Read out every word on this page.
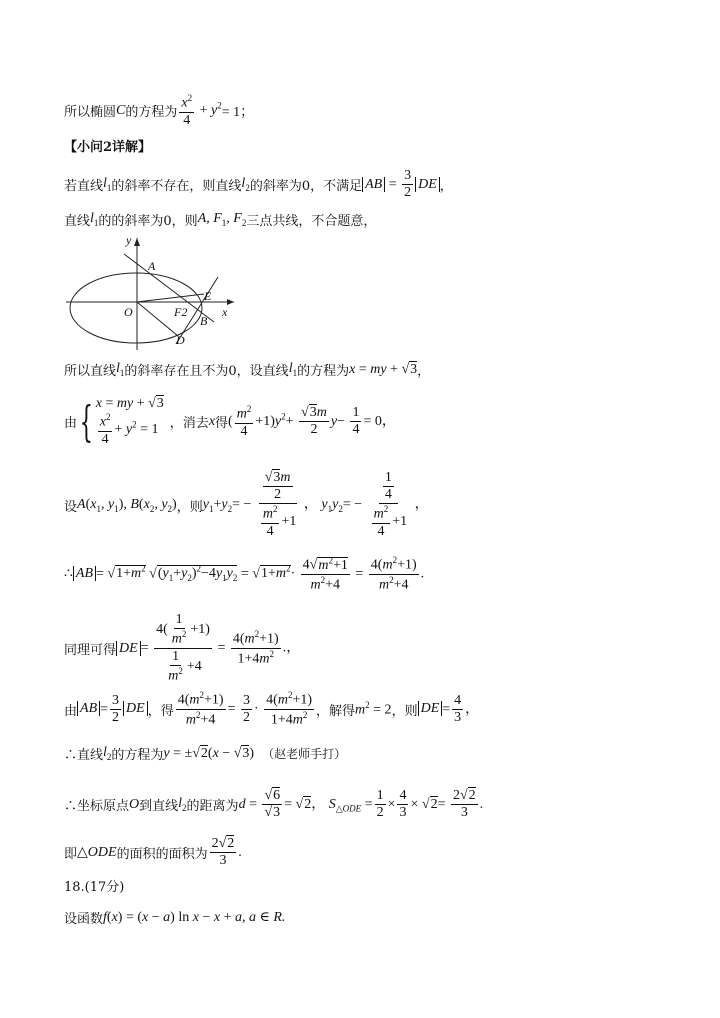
所以椭圆 C 的方程为 $\frac{x^2}{4} + y^2 = 1$；
【小问2详解】
若直线 $l_1$ 的斜率不存在，则直线 $l_2$ 的斜率为0，不满足 AB = $\frac{3}{2}$ DE ，
直线 $l_1$ 的的斜率为0，则 A, $F_1$, $F_2$ 三点共线，不合题意，
y
A
E
O	F2
B
x
D
所以直线 $l_1$ 的斜率存在且不为0，设直线 $l_1$ 的方程为 x = my + √3 ，
由 { x = my + √3
$\frac{x^2}{4} + y^2 = 1$ ，消去 x 得 ( $\frac{m^2}{4} +1)y^2+ \frac{√3m}{2} y- \frac{1}{4} = 0$，
设 $A(x_1$, $y_1$), $B(x_2$, $y_2$) ，则 $y_1+y_2= - \frac{\frac{√3m}{2}}{\frac{m^2}{4} +1}$ ， $y_1y_2= - \frac{\frac{1}{4}}{\frac{m^2}{4} +1}$ ，
∴ AB = $√1+m^2$ $√(y_1+y_2)^2-4y_1y_2 = √1+m^2\cdot \frac{4√m^2+1}{m^2+4} = \frac{4(m^2+1)}{m^2+4}$ .
同理可得 DE = $\frac{4( \frac{1}{m^2} +1)}{\frac{1}{m^2} +4} = \frac{4(m^2+1)}{1+4m^2}$ .，
由 AB = $\frac{3}{2}$ DE ，得 $\frac{4(m^2+1)}{m^2+4} = \frac{3}{2} \cdot \frac{4(m^2+1)}{1+4m^2}$ ，解得 $m^2 = 2$ ，则 DE = $\frac{4}{3}$ ，
∴直线 $l_2$ 的方程为 y = ±√2(x − √3) （赵老师手打）
∴坐标原点 O 到直线 $l_2$ 的距离为 $d = \frac{√6}{√3} = √2$， $S_{\triangle ODE} = \frac{1}{2} \times \frac{4}{3} \times √2= \frac{2√2}{3}$ .
即 △ODE 的面积的面积为 $\frac{2√2}{3}$ .
18.(17分)
设函数 f(x) = (x − a) ln x − x + a, a ∈ R.
